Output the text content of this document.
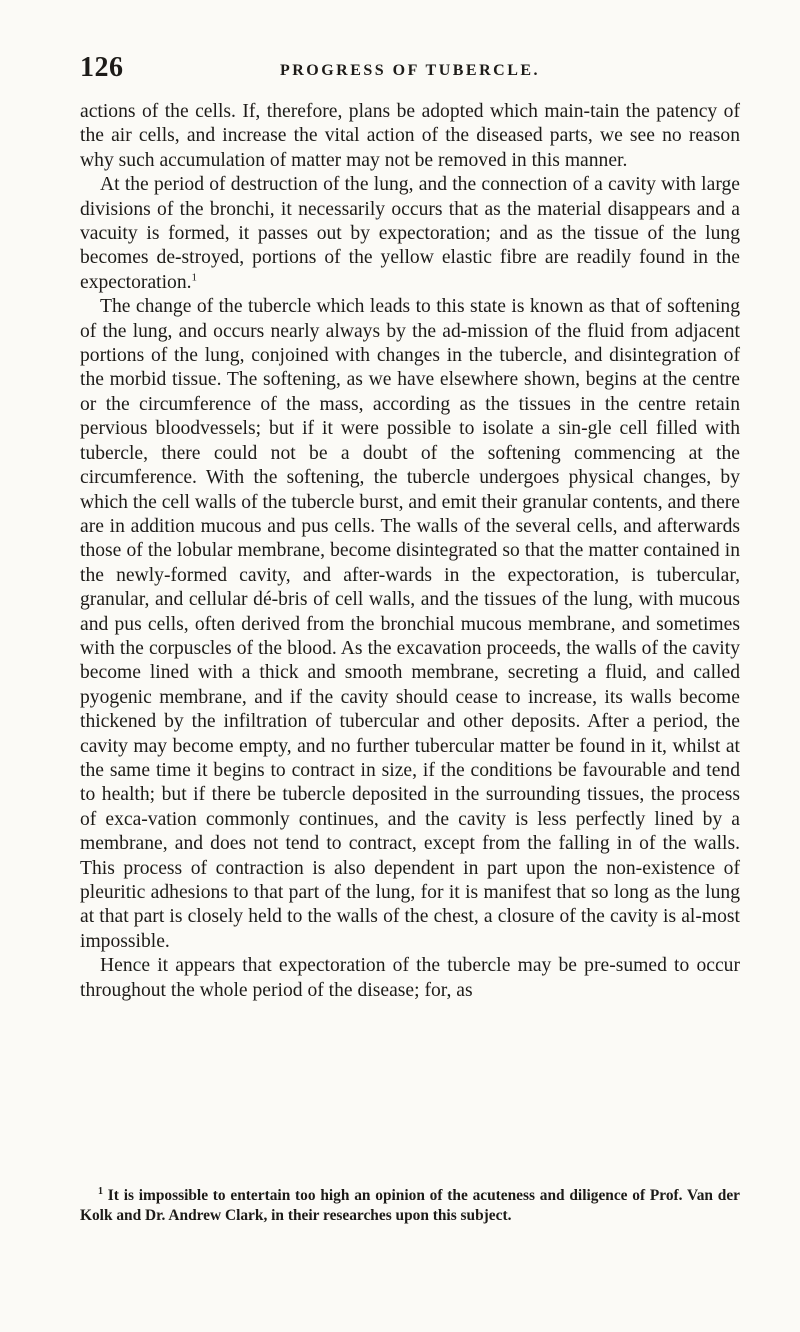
126	PROGRESS OF TUBERCLE.

actions of the cells. If, therefore, plans be adopted which main-tain the patency of the air cells, and increase the vital action of the diseased parts, we see no reason why such accumulation of matter may not be removed in this manner.

At the period of destruction of the lung, and the connection of a cavity with large divisions of the bronchi, it necessarily occurs that as the material disappears and a vacuity is formed, it passes out by expectoration; and as the tissue of the lung becomes de-stroyed, portions of the yellow elastic fibre are readily found in the expectoration.$^1$

The change of the tubercle which leads to this state is known as that of softening of the lung, and occurs nearly always by the ad-mission of the fluid from adjacent portions of the lung, conjoined with changes in the tubercle, and disintegration of the morbid tissue. The softening, as we have elsewhere shown, begins at the centre or the circumference of the mass, according as the tissues in the centre retain pervious bloodvessels; but if it were possible to isolate a sin-gle cell filled with tubercle, there could not be a doubt of the softening commencing at the circumference. With the softening, the tubercle undergoes physical changes, by which the cell walls of the tubercle burst, and emit their granular contents, and there are in addition mucous and pus cells. The walls of the several cells, and afterwards those of the lobular membrane, become disintegrated so that the matter contained in the newly-formed cavity, and after-wards in the expectoration, is tubercular, granular, and cellular dé-bris of cell walls, and the tissues of the lung, with mucous and pus cells, often derived from the bronchial mucous membrane, and sometimes with the corpuscles of the blood. As the excavation proceeds, the walls of the cavity become lined with a thick and smooth membrane, secreting a fluid, and called pyogenic membrane, and if the cavity should cease to increase, its walls become thickened by the infiltration of tubercular and other deposits. After a period, the cavity may become empty, and no further tubercular matter be found in it, whilst at the same time it begins to contract in size, if the conditions be favourable and tend to health; but if there be tubercle deposited in the surrounding tissues, the process of exca-vation commonly continues, and the cavity is less perfectly lined by a membrane, and does not tend to contract, except from the falling in of the walls. This process of contraction is also dependent in part upon the non-existence of pleuritic adhesions to that part of the lung, for it is manifest that so long as the lung at that part is closely held to the walls of the chest, a closure of the cavity is al-most impossible.

Hence it appears that expectoration of the tubercle may be pre-sumed to occur throughout the whole period of the disease; for, as

$^1$ It is impossible to entertain too high an opinion of the acuteness and diligence of Prof. Van der Kolk and Dr. Andrew Clark, in their researches upon this subject.
